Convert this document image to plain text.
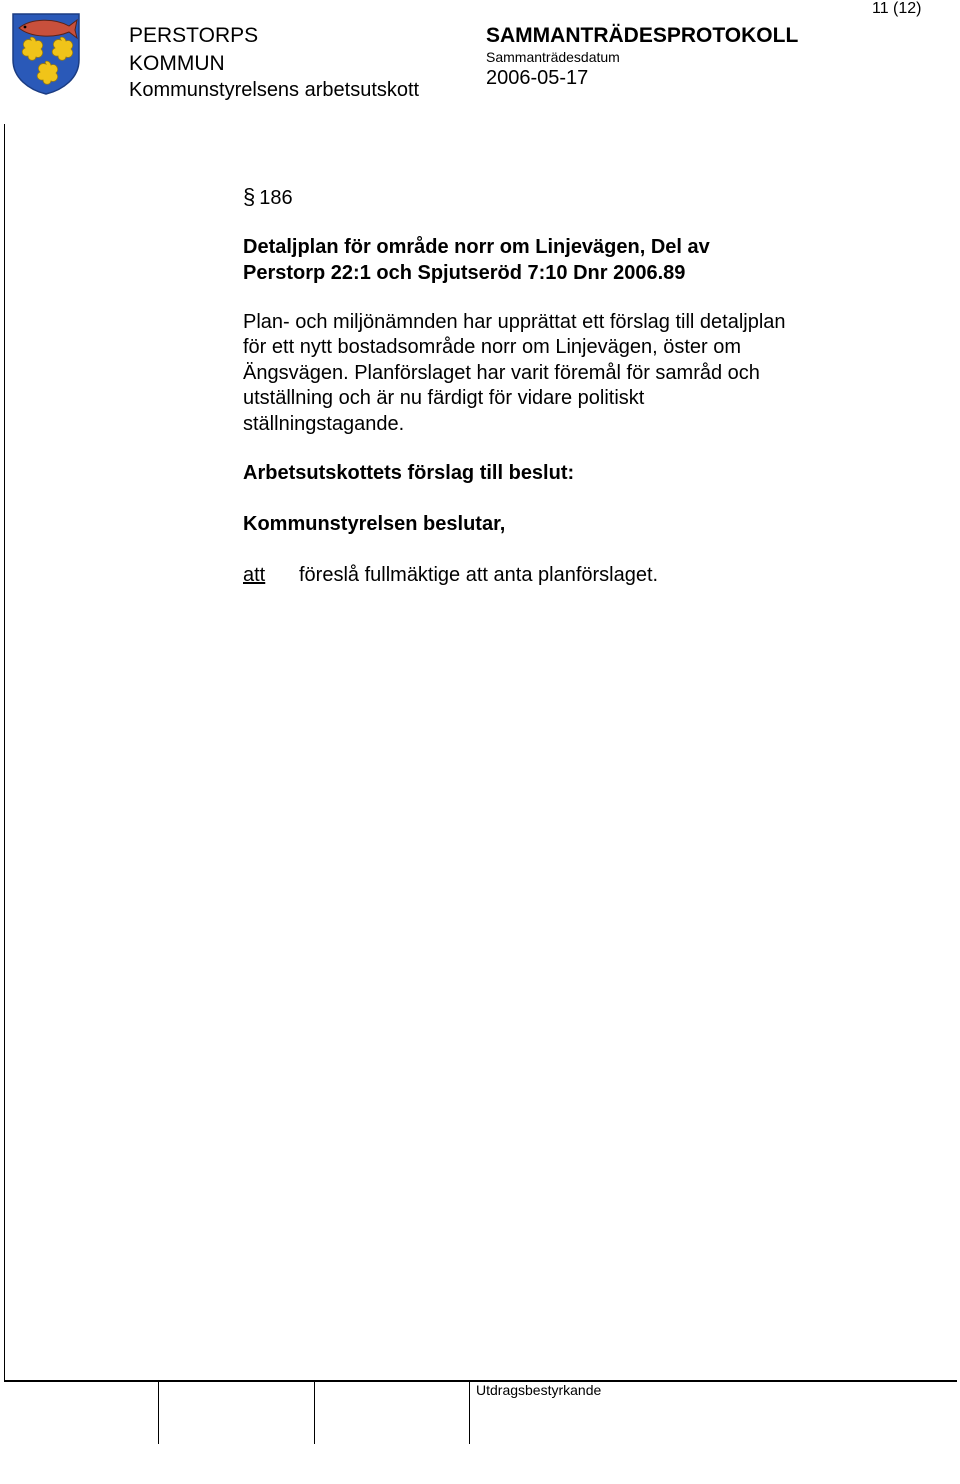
PERSTORPS
KOMMUN
Kommunstyrelsens arbetsutskott
SAMMANTRÄDESPROTOKOLL
Sammanträdesdatum
2006-05-17
11 (12)
§ 186
Detaljplan för område norr om Linjevägen, Del av
Perstorp 22:1 och Spjutseröd 7:10 Dnr 2006.89
Plan- och miljönämnden har upprättat ett förslag till detaljplan
för ett nytt bostadsområde norr om Linjevägen, öster om
Ängsvägen. Planförslaget har varit föremål för samråd och
utställning och är nu färdigt för vidare politiskt
ställningstagande.
Arbetsutskottets förslag till beslut:
Kommunstyrelsen beslutar,
att föreslå fullmäktige att anta planförslaget.
Utdragsbestyrkande
